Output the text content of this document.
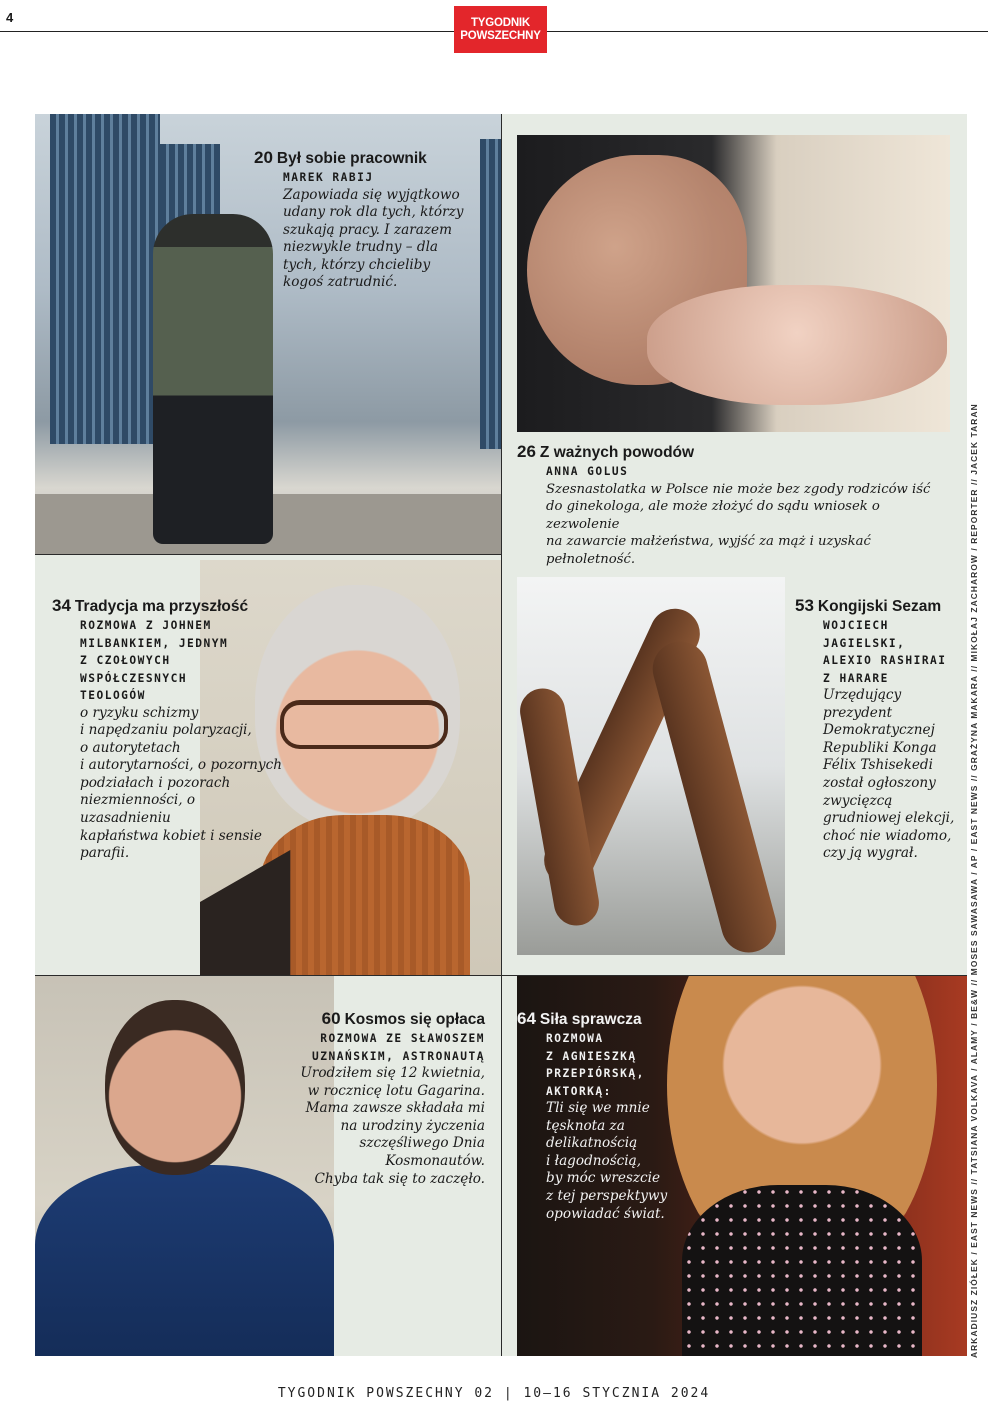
4	TYGODNIK
POWSZECHNY

20 Był sobie pracownik

MAREK RABIJ

Zapowiada się wyjątkowo
udany rok dla tych, którzy
szukają pracy. I zarazem
niezwykle trudny – dla
tych, którzy chcieliby
kogoś zatrudnić.

26 Z ważnych powodów

ANNA GOLUS

Szesnastolatka w Polsce nie może bez zgody rodziców iść
do ginekologa, ale może złożyć do sądu wniosek o zezwolenie
na zawarcie małżeństwa, wyjść za mąż i uzyskać pełnoletność.

34 Tradycja ma przyszłość

ROZMOWA Z JOHNEM
MILBANKIEM, JEDNYM
Z CZOŁOWYCH
WSPÓŁCZESNYCH
TEOLOGÓW

o ryzyku schizmy
i napędzaniu polaryzacji,
o autorytetach
i autorytarności, o pozornych
podziałach i pozorach
niezmienności, o uzasadnieniu
kapłaństwa kobiet i sensie
parafii.

53 Kongijski Sezam

WOJCIECH
JAGIELSKI,
ALEXIO RASHIRAI
Z HARARE

Urzędujący
prezydent
Demokratycznej
Republiki Konga
Félix Tshisekedi
został ogłoszony
zwycięzcą
grudniowej elekcji,
choć nie wiadomo,
czy ją wygrał.

60 Kosmos się opłaca

ROZMOWA ZE SŁAWOSZEM
UZNAŃSKIM, ASTRONAUTĄ

Urodziłem się 12 kwietnia,
w rocznicę lotu Gagarina.
Mama zawsze składała mi
na urodziny życzenia
szczęśliwego Dnia
Kosmonautów.
Chyba tak się to zaczęło.

64 Siła sprawcza

ROZMOWA
Z AGNIESZKĄ
PRZEPIÓRSKĄ,
AKTORKĄ:

Tli się we mnie
tęsknota za
delikatnością
i łagodnością,
by móc wreszcie
z tej perspektywy
opowiadać świat.	ARKADIUSZ ZIÓŁEK / EAST NEWS // TATSIANA VOLKAVA / ALAMY / BE&W // MOSES SAWASAWA / AP / EAST NEWS // GRAŻYNA MAKARA // MIKOŁAJ ZACHAROW / REPORTER // JACEK TARAN
TYGODNIK POWSZECHNY 02 | 10–16 STYCZNIA 2024
